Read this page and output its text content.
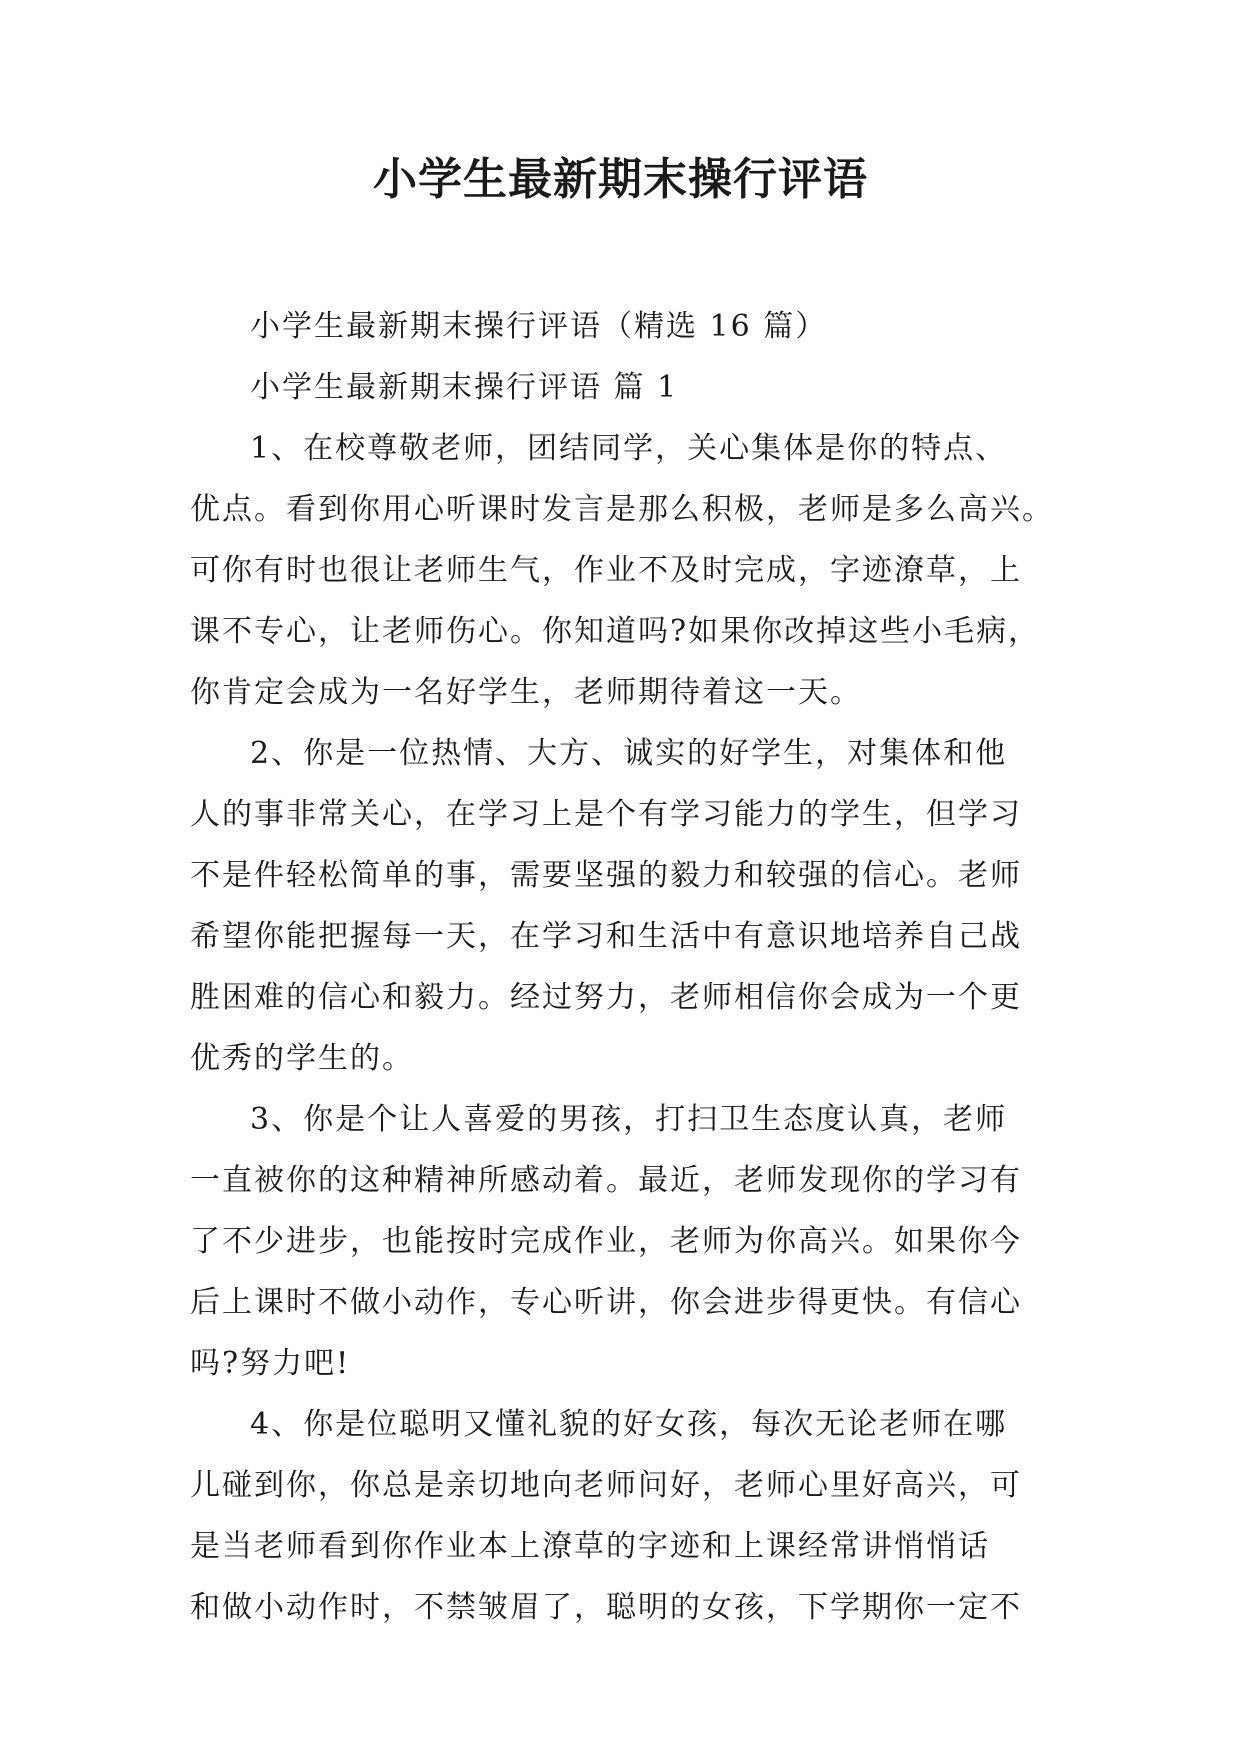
小学生最新期末操行评语
小学生最新期末操行评语（精选 16 篇）
小学生最新期末操行评语 篇 1
1、在校尊敬老师，团结同学，关心集体是你的特点、
优点。看到你用心听课时发言是那么积极，老师是多么高兴。
可你有时也很让老师生气，作业不及时完成，字迹潦草，上
课不专心，让老师伤心。你知道吗?如果你改掉这些小毛病，
你肯定会成为一名好学生，老师期待着这一天。
2、你是一位热情、大方、诚实的好学生，对集体和他
人的事非常关心，在学习上是个有学习能力的学生，但学习
不是件轻松简单的事，需要坚强的毅力和较强的信心。老师
希望你能把握每一天，在学习和生活中有意识地培养自己战
胜困难的信心和毅力。经过努力，老师相信你会成为一个更
优秀的学生的。
3、你是个让人喜爱的男孩，打扫卫生态度认真，老师
一直被你的这种精神所感动着。最近，老师发现你的学习有
了不少进步，也能按时完成作业，老师为你高兴。如果你今
后上课时不做小动作，专心听讲，你会进步得更快。有信心
吗?努力吧!
4、你是位聪明又懂礼貌的好女孩，每次无论老师在哪
儿碰到你，你总是亲切地向老师问好，老师心里好高兴，可
是当老师看到你作业本上潦草的字迹和上课经常讲悄悄话
和做小动作时，不禁皱眉了，聪明的女孩，下学期你一定不
